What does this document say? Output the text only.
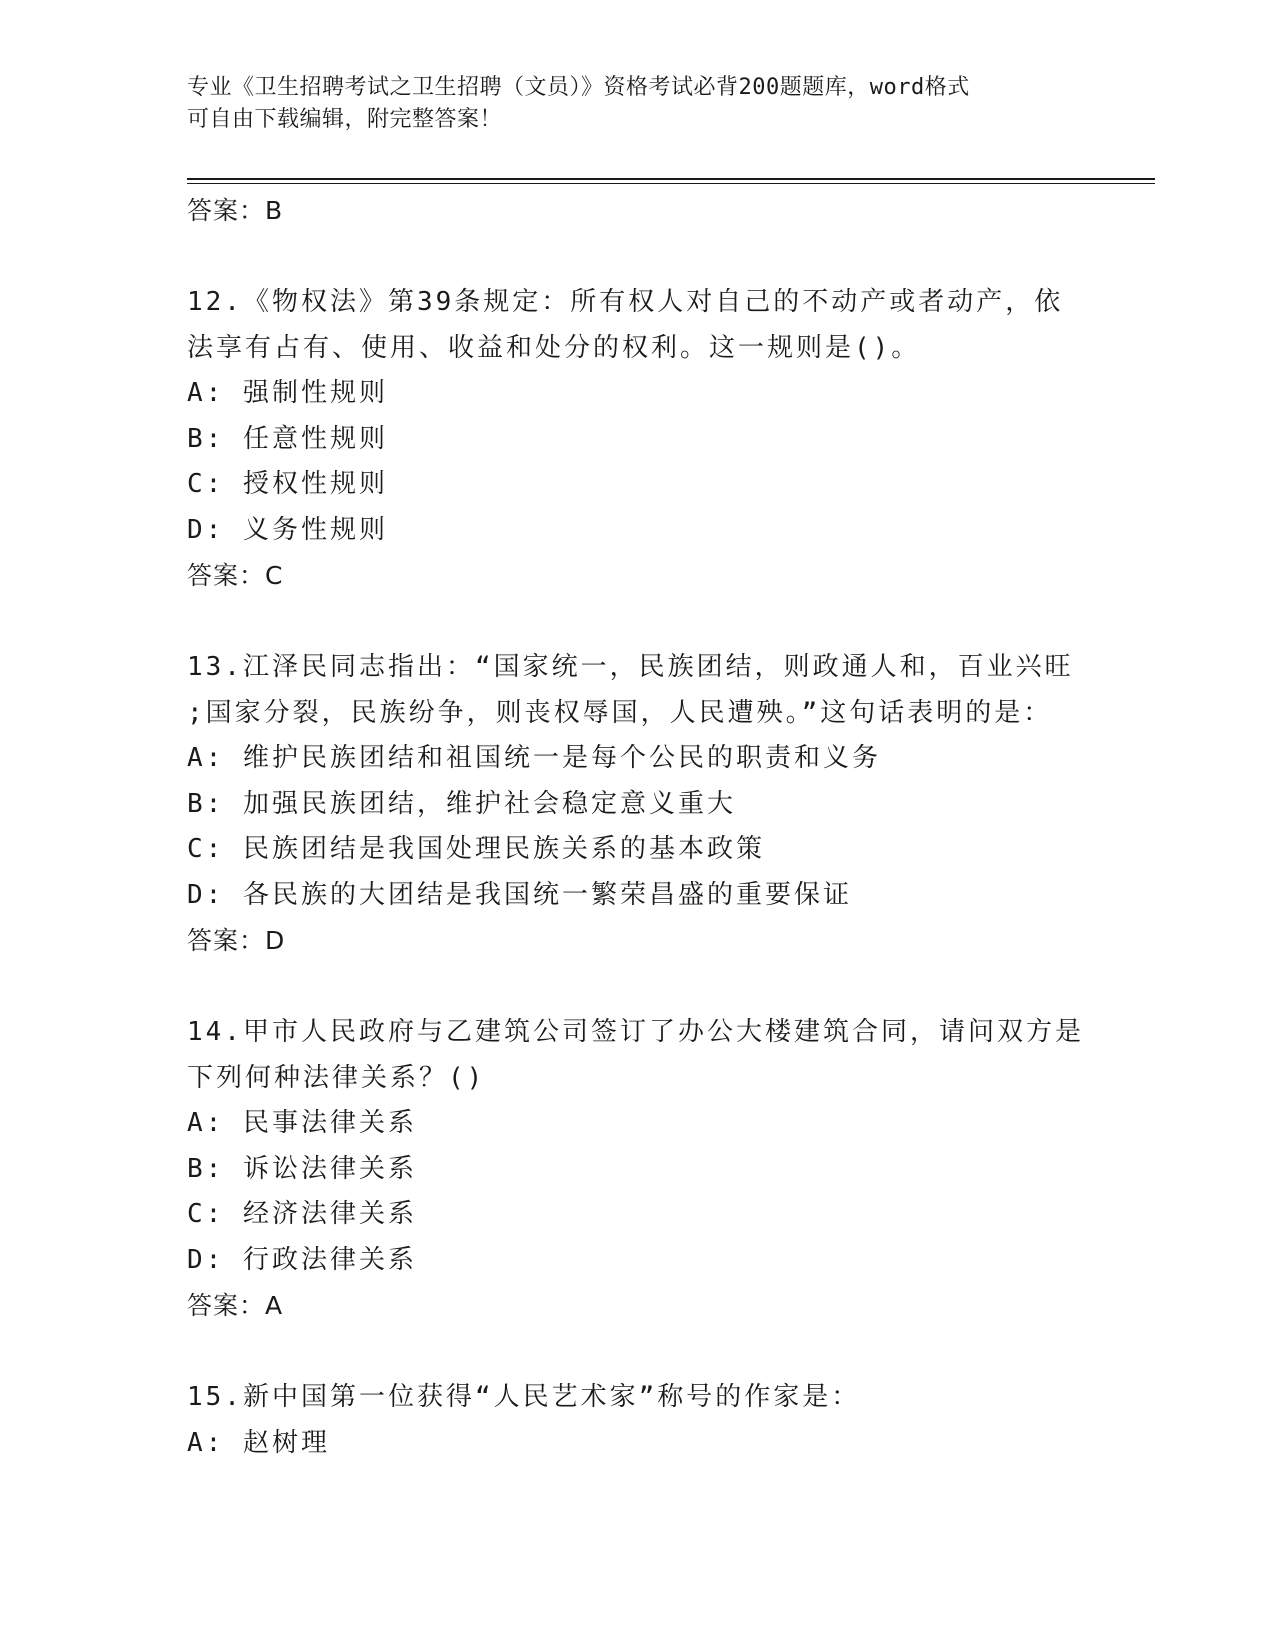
专业《卫生招聘考试之卫生招聘（文员）》资格考试必背200题题库，word格式
可自由下载编辑，附完整答案！
答案：B
12.《物权法》第39条规定：所有权人对自己的不动产或者动产，依
法享有占有、使用、收益和处分的权利。这一规则是()。
A: 强制性规则
B: 任意性规则
C: 授权性规则
D: 义务性规则
答案：C
13.江泽民同志指出：“国家统一，民族团结，则政通人和，百业兴旺
;国家分裂，民族纷争，则丧权辱国，人民遭殃。”这句话表明的是：
A: 维护民族团结和祖国统一是每个公民的职责和义务
B: 加强民族团结，维护社会稳定意义重大
C: 民族团结是我国处理民族关系的基本政策
D: 各民族的大团结是我国统一繁荣昌盛的重要保证
答案：D
14.甲市人民政府与乙建筑公司签订了办公大楼建筑合同，请问双方是
下列何种法律关系？()
A: 民事法律关系
B: 诉讼法律关系
C: 经济法律关系
D: 行政法律关系
答案：A
15.新中国第一位获得“人民艺术家”称号的作家是：
A: 赵树理
